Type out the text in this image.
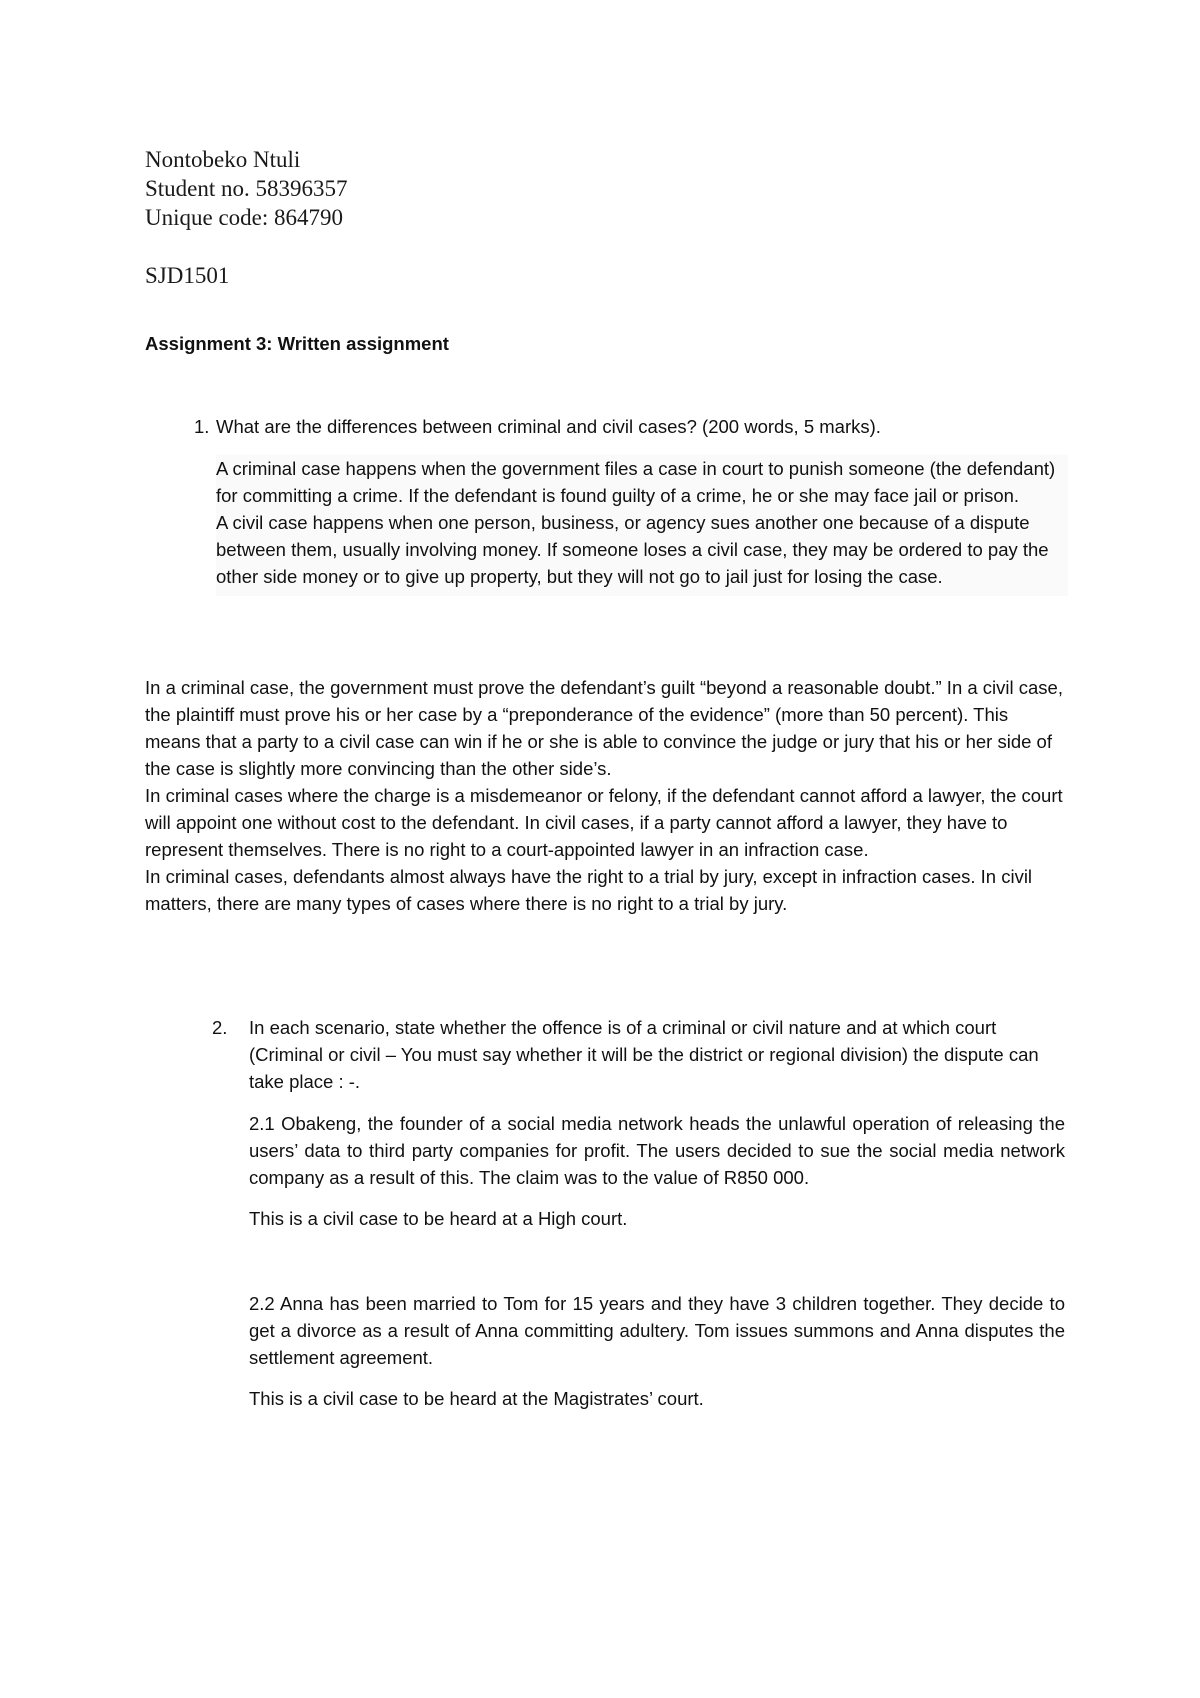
Nontobeko Ntuli
Student no. 58396357
Unique code: 864790
SJD1501
Assignment 3: Written assignment
1. What are the differences between criminal and civil cases? (200 words, 5 marks).

A criminal case happens when the government files a case in court to punish someone (the defendant) for committing a crime. If the defendant is found guilty of a crime, he or she may face jail or prison.

A civil case happens when one person, business, or agency sues another one because of a dispute between them, usually involving money. If someone loses a civil case, they may be ordered to pay the other side money or to give up property, but they will not go to jail just for losing the case.

In a criminal case, the government must prove the defendant’s guilt “beyond a reasonable doubt.” In a civil case, the plaintiff must prove his or her case by a “preponderance of the evidence” (more than 50 percent). This means that a party to a civil case can win if he or she is able to convince the judge or jury that his or her side of the case is slightly more convincing than the other side’s.

In criminal cases where the charge is a misdemeanor or felony, if the defendant cannot afford a lawyer, the court will appoint one without cost to the defendant. In civil cases, if a party cannot afford a lawyer, they have to represent themselves. There is no right to a court-appointed lawyer in an infraction case.

In criminal cases, defendants almost always have the right to a trial by jury, except in infraction cases. In civil matters, there are many types of cases where there is no right to a trial by jury.

2. In each scenario, state whether the offence is of a criminal or civil nature and at which court (Criminal or civil – You must say whether it will be the district or regional division) the dispute can take place : -.
2.1 Obakeng, the founder of a social media network heads the unlawful operation of releasing the users’ data to third party companies for profit. The users decided to sue the social media network company as a result of this. The claim was to the value of R850 000.
This is a civil case to be heard at a High court.
2.2 Anna has been married to Tom for 15 years and they have 3 children together. They decide to get a divorce as a result of Anna committing adultery. Tom issues summons and Anna disputes the settlement agreement.
This is a civil case to be heard at the Magistrates’ court.
